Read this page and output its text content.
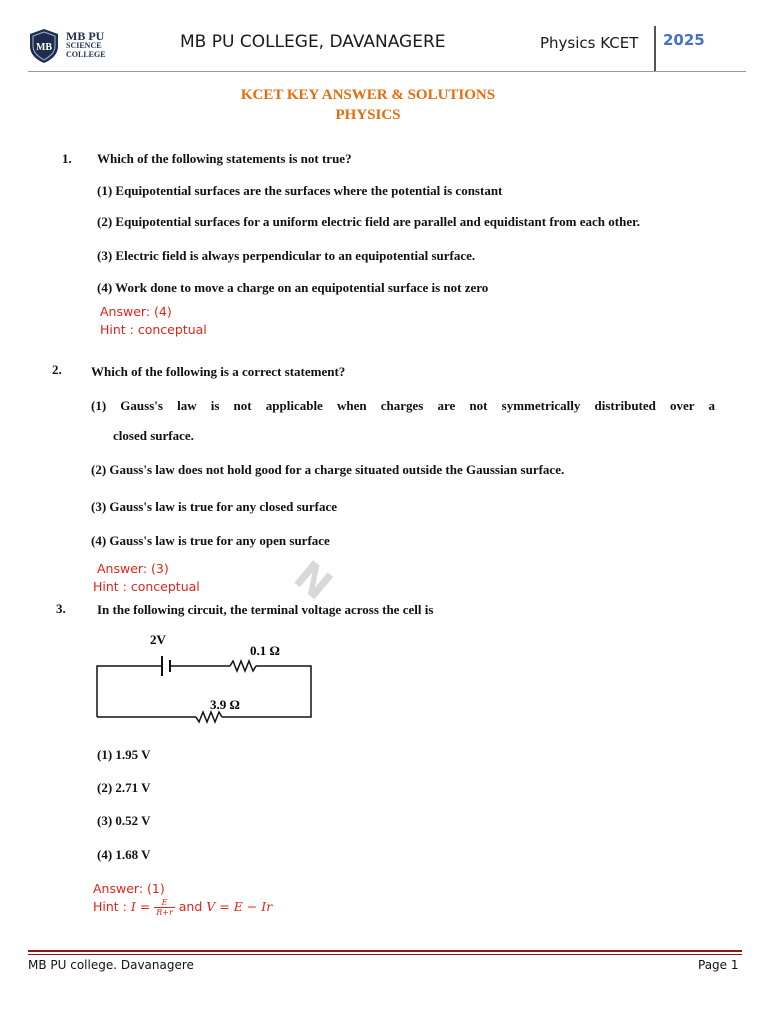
MB
MB PU
SCIENCE
COLLEGE
MB PU COLLEGE, DAVANAGERE	Physics KCET 2025
KCET KEY ANSWER & SOLUTIONS
PHYSICS
N
1. Which of the following statements is not true?
(1) Equipotential surfaces are the surfaces where the potential is constant
(2) Equipotential surfaces for a uniform electric field are parallel and equidistant from each other.
(3) Electric field is always perpendicular to an equipotential surface.
(4) Work done to move a charge on an equipotential surface is not zero
Answer: (4)
Hint : conceptual
2. Which of the following is a correct statement?
(1) Gauss's law is not applicable when charges are not symmetrically distributed over a
closed surface.
(2) Gauss's law does not hold good for a charge situated outside the Gaussian surface.
(3) Gauss's law is true for any closed surface
(4) Gauss's law is true for any open surface
Answer: (3)
Hint : conceptual
3. In the following circuit, the terminal voltage across the cell is
2V
0.1 Ω
3.9 Ω
(1) 1.95 V
(2) 2.71 V
(3) 0.52 V
(4) 1.68 V
Answer: (1)
Hint : $I = \frac{E}{R+r}$ and V = E − Ir
MB PU college. Davanagere	Page 1
